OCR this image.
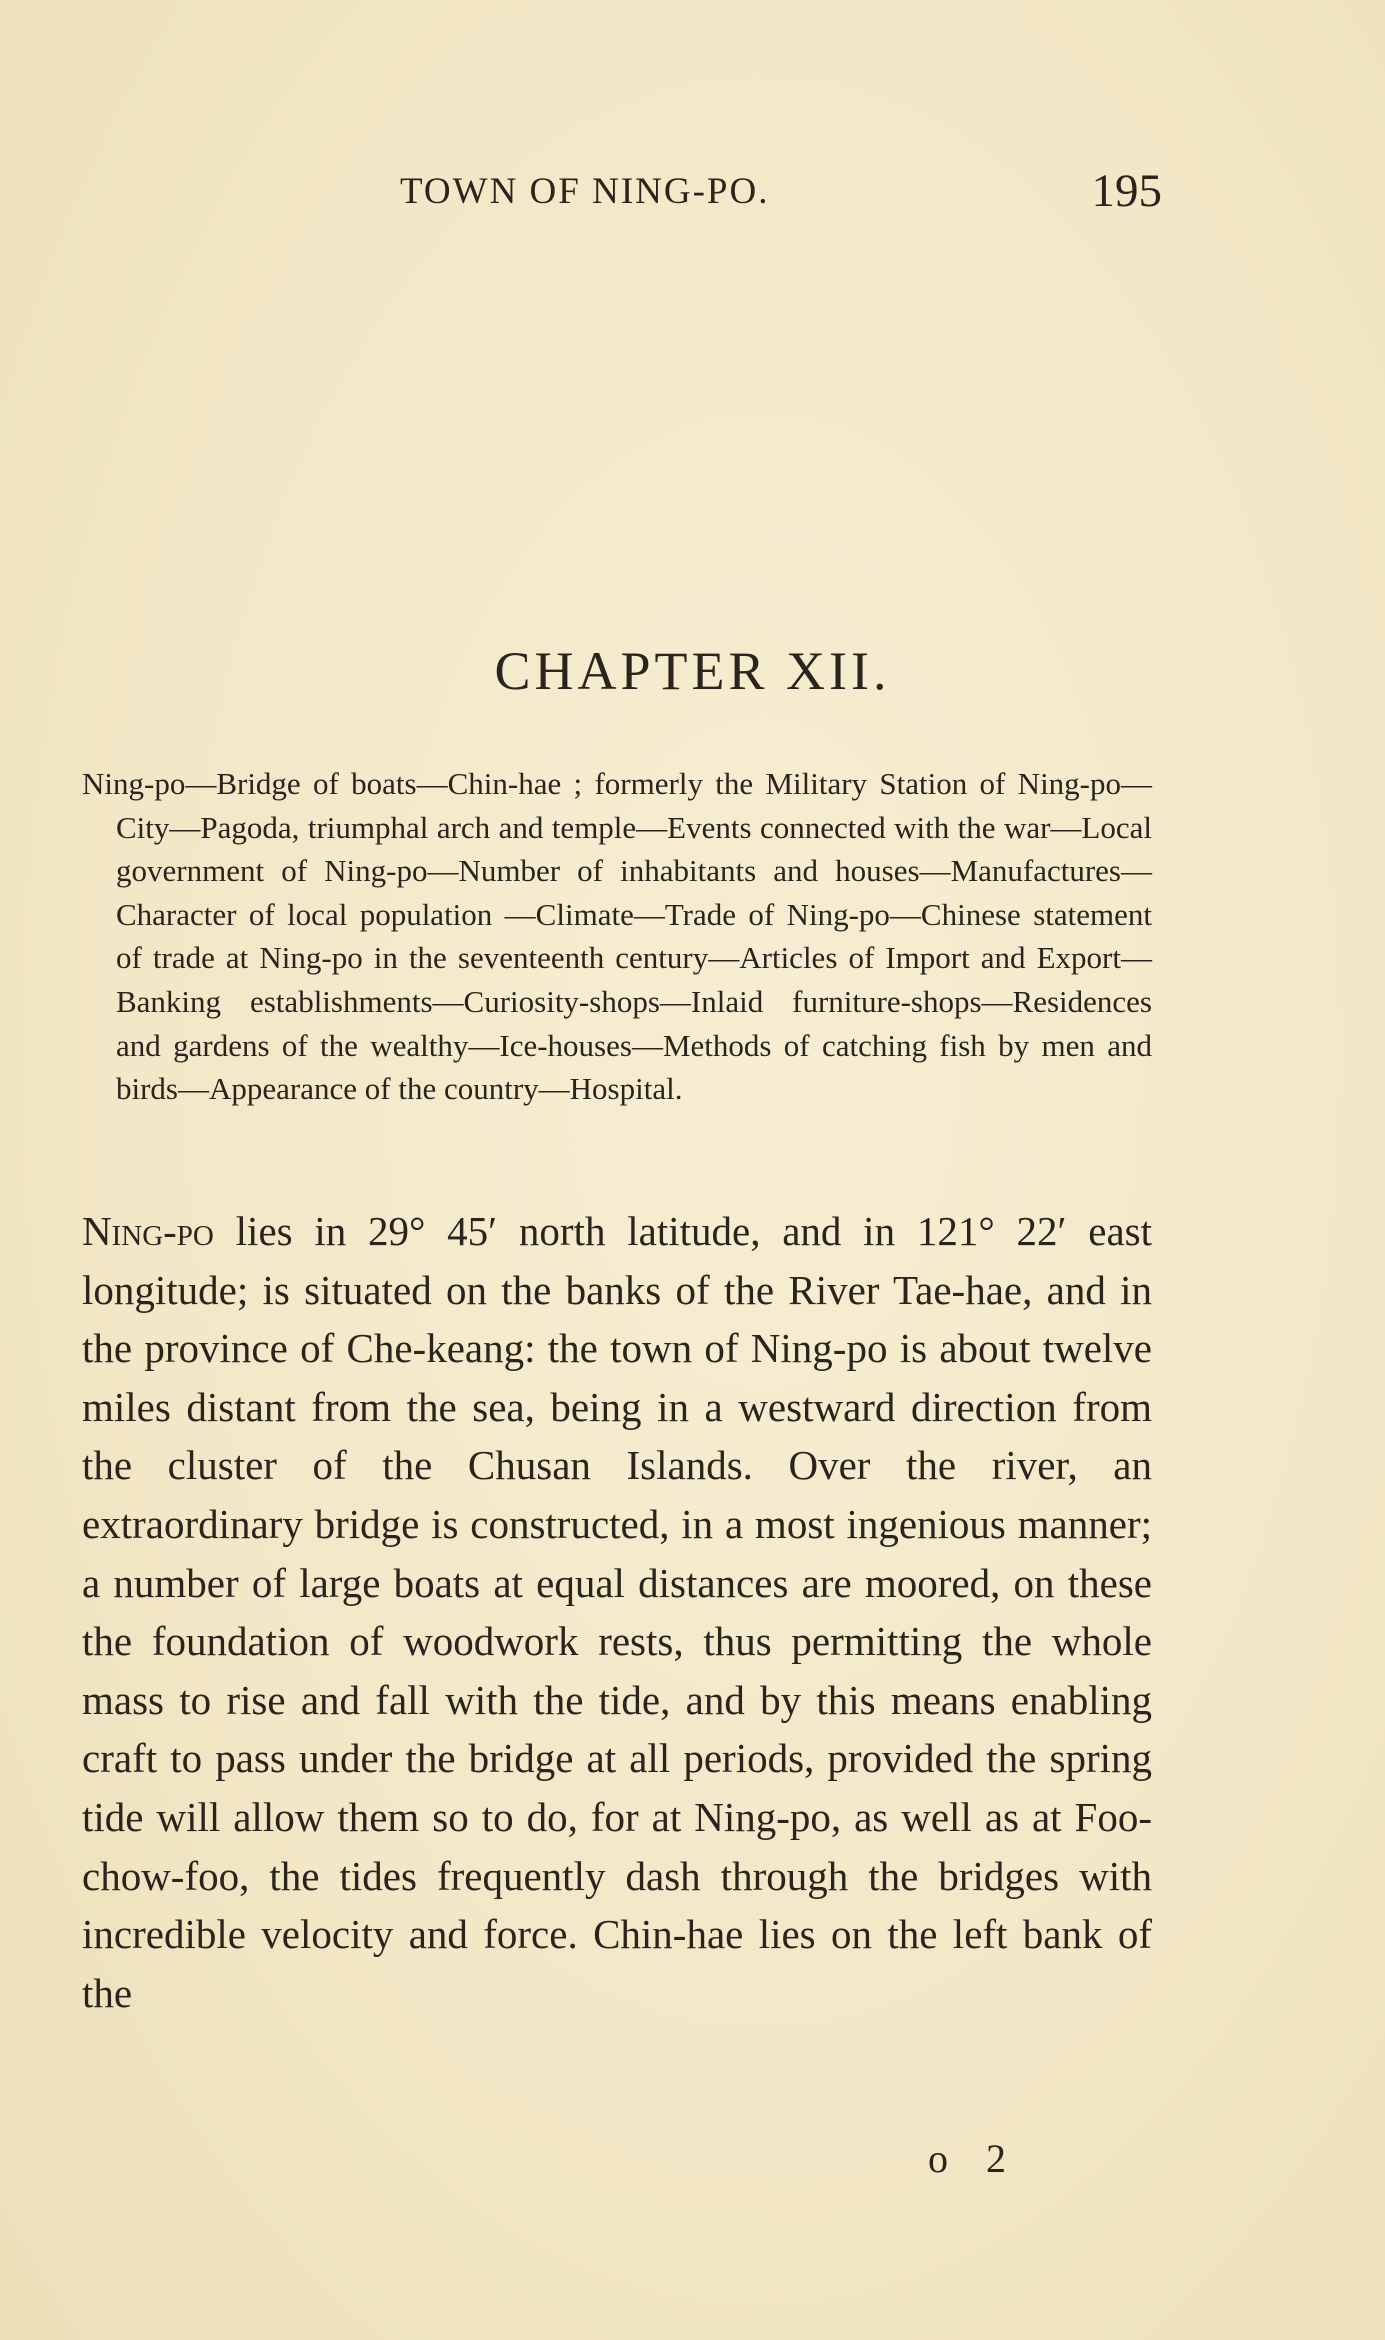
TOWN OF NING-PO.	195
CHAPTER XII.
Ning-po—Bridge of boats—Chin-hae ; formerly the Military Station of Ning-po—City—Pagoda, triumphal arch and temple—Events connected with the war—Local government of Ning-po—Number of inhabitants and houses—Manufactures—Character of local population —Climate—Trade of Ning-po—Chinese statement of trade at Ning-po in the seventeenth century—Articles of Import and Export—Banking establishments—Curiosity-shops—Inlaid furniture-shops—Residences and gardens of the wealthy—Ice-houses—Methods of catching fish by men and birds—Appearance of the country—Hospital.
Ning-po lies in 29° 45′ north latitude, and in 121° 22′ east longitude; is situated on the banks of the River Tae-hae, and in the province of Che-keang: the town of Ning-po is about twelve miles distant from the sea, being in a westward direction from the cluster of the Chusan Islands. Over the river, an extraordinary bridge is constructed, in a most ingenious manner; a number of large boats at equal distances are moored, on these the foundation of woodwork rests, thus permitting the whole mass to rise and fall with the tide, and by this means enabling craft to pass under the bridge at all periods, provided the spring tide will allow them so to do, for at Ning-po, as well as at Foo-chow-foo, the tides frequently dash through the bridges with incredible velocity and force. Chin-hae lies on the left bank of the
o 2
